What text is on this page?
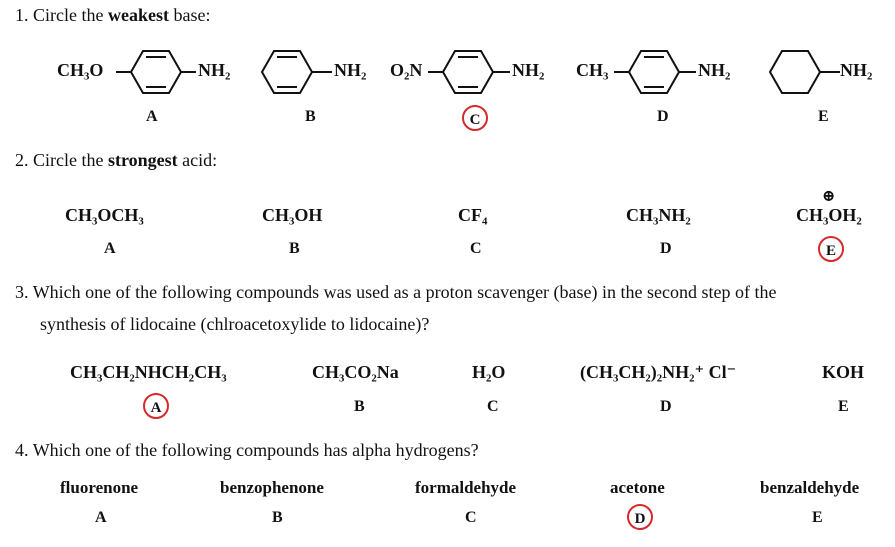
1. Circle the weakest base:
CH₃O	NH₂
A
NH₂
B
O₂N	NH₂
C
CH₃	NH₂
D
NH₂
E
2. Circle the strongest acid:
CH₃OCH₃
A
CH₃OH
B
CF₄
C
CH₃NH₂
D
⊕
CH₃OH₂
E
3. Which one of the following compounds was used as a proton scavenger (base) in the second step of the
synthesis of lidocaine (chlroacetoxylide to lidocaine)?
CH₃CH₂NHCH₂CH₃
A
CH₃CO₂Na
B
H₂O
C
(CH₃CH₂)₂NH₂⁺ Cl⁻
D
KOH
E
4. Which one of the following compounds has alpha hydrogens?
fluorenone
A
benzophenone
B
formaldehyde
C
acetone
D
benzaldehyde
E
